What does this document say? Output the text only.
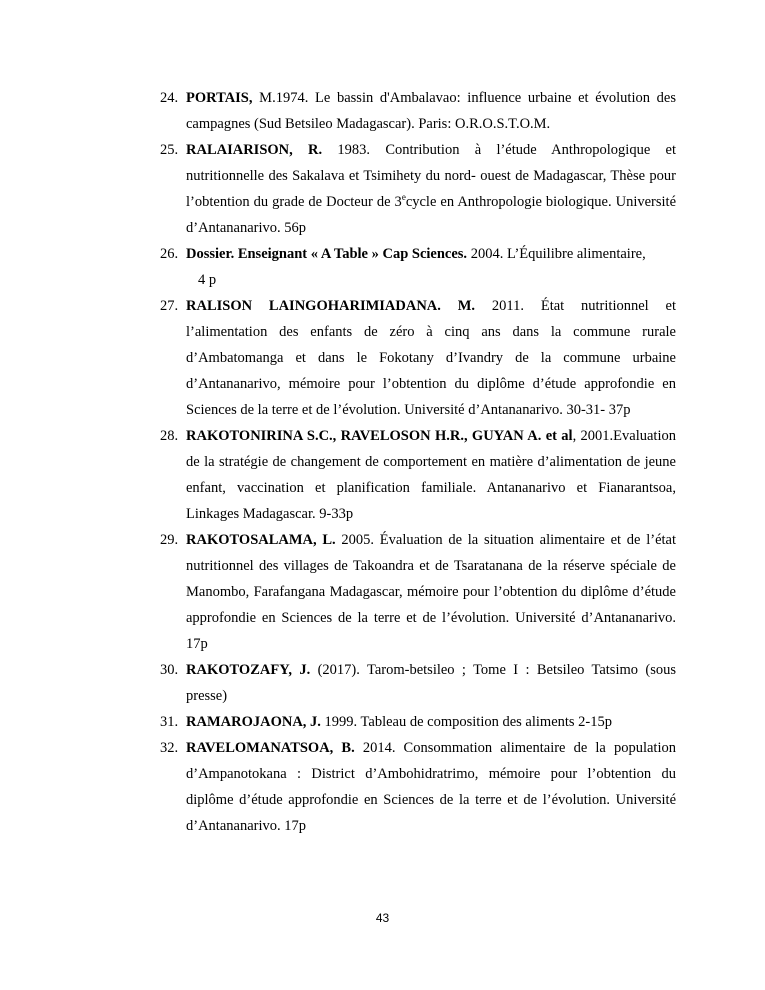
24. PORTAIS, M.1974. Le bassin d'Ambalavao: influence urbaine et évolution des campagnes (Sud Betsileo Madagascar). Paris: O.R.O.S.T.O.M.
25. RALAIARISON, R. 1983. Contribution à l’étude Anthropologique et nutritionnelle des Sakalava et Tsimihety du nord- ouest de Madagascar, Thèse pour l’obtention du grade de Docteur de 3ecycle en Anthropologie biologique. Université d’Antananarivo. 56p
26. Dossier. Enseignant « A Table » Cap Sciences. 2004. L’Équilibre alimentaire,
4 p
27. RALISON LAINGOHARIMIADANA. M. 2011. État nutritionnel et l’alimentation des enfants de zéro à cinq ans dans la commune rurale d’Ambatomanga et dans le Fokotany d’Ivandry de la commune urbaine d’Antananarivo, mémoire pour l’obtention du diplôme d’étude approfondie en Sciences de la terre et de l’évolution. Université d’Antananarivo. 30-31- 37p
28. RAKOTONIRINA S.C., RAVELOSON H.R., GUYAN A. et al, 2001.Evaluation de la stratégie de changement de comportement en matière d’alimentation de jeune enfant, vaccination et planification familiale. Antananarivo et Fianarantsoa, Linkages Madagascar. 9-33p
29. RAKOTOSALAMA, L. 2005. Évaluation de la situation alimentaire et de l’état nutritionnel des villages de Takoandra et de Tsaratanana de la réserve spéciale de Manombo, Farafangana Madagascar, mémoire pour l’obtention du diplôme d’étude approfondie en Sciences de la terre et de l’évolution. Université d’Antananarivo. 17p
30. RAKOTOZAFY, J. (2017). Tarom-betsileo ; Tome I : Betsileo Tatsimo (sous presse)
31. RAMAROJAONA, J. 1999. Tableau de composition des aliments 2-15p
32. RAVELOMANATSOA, B. 2014. Consommation alimentaire de la population d’Ampanotokana : District d’Ambohidratrimo, mémoire pour l’obtention du diplôme d’étude approfondie en Sciences de la terre et de l’évolution. Université d’Antananarivo. 17p
43
